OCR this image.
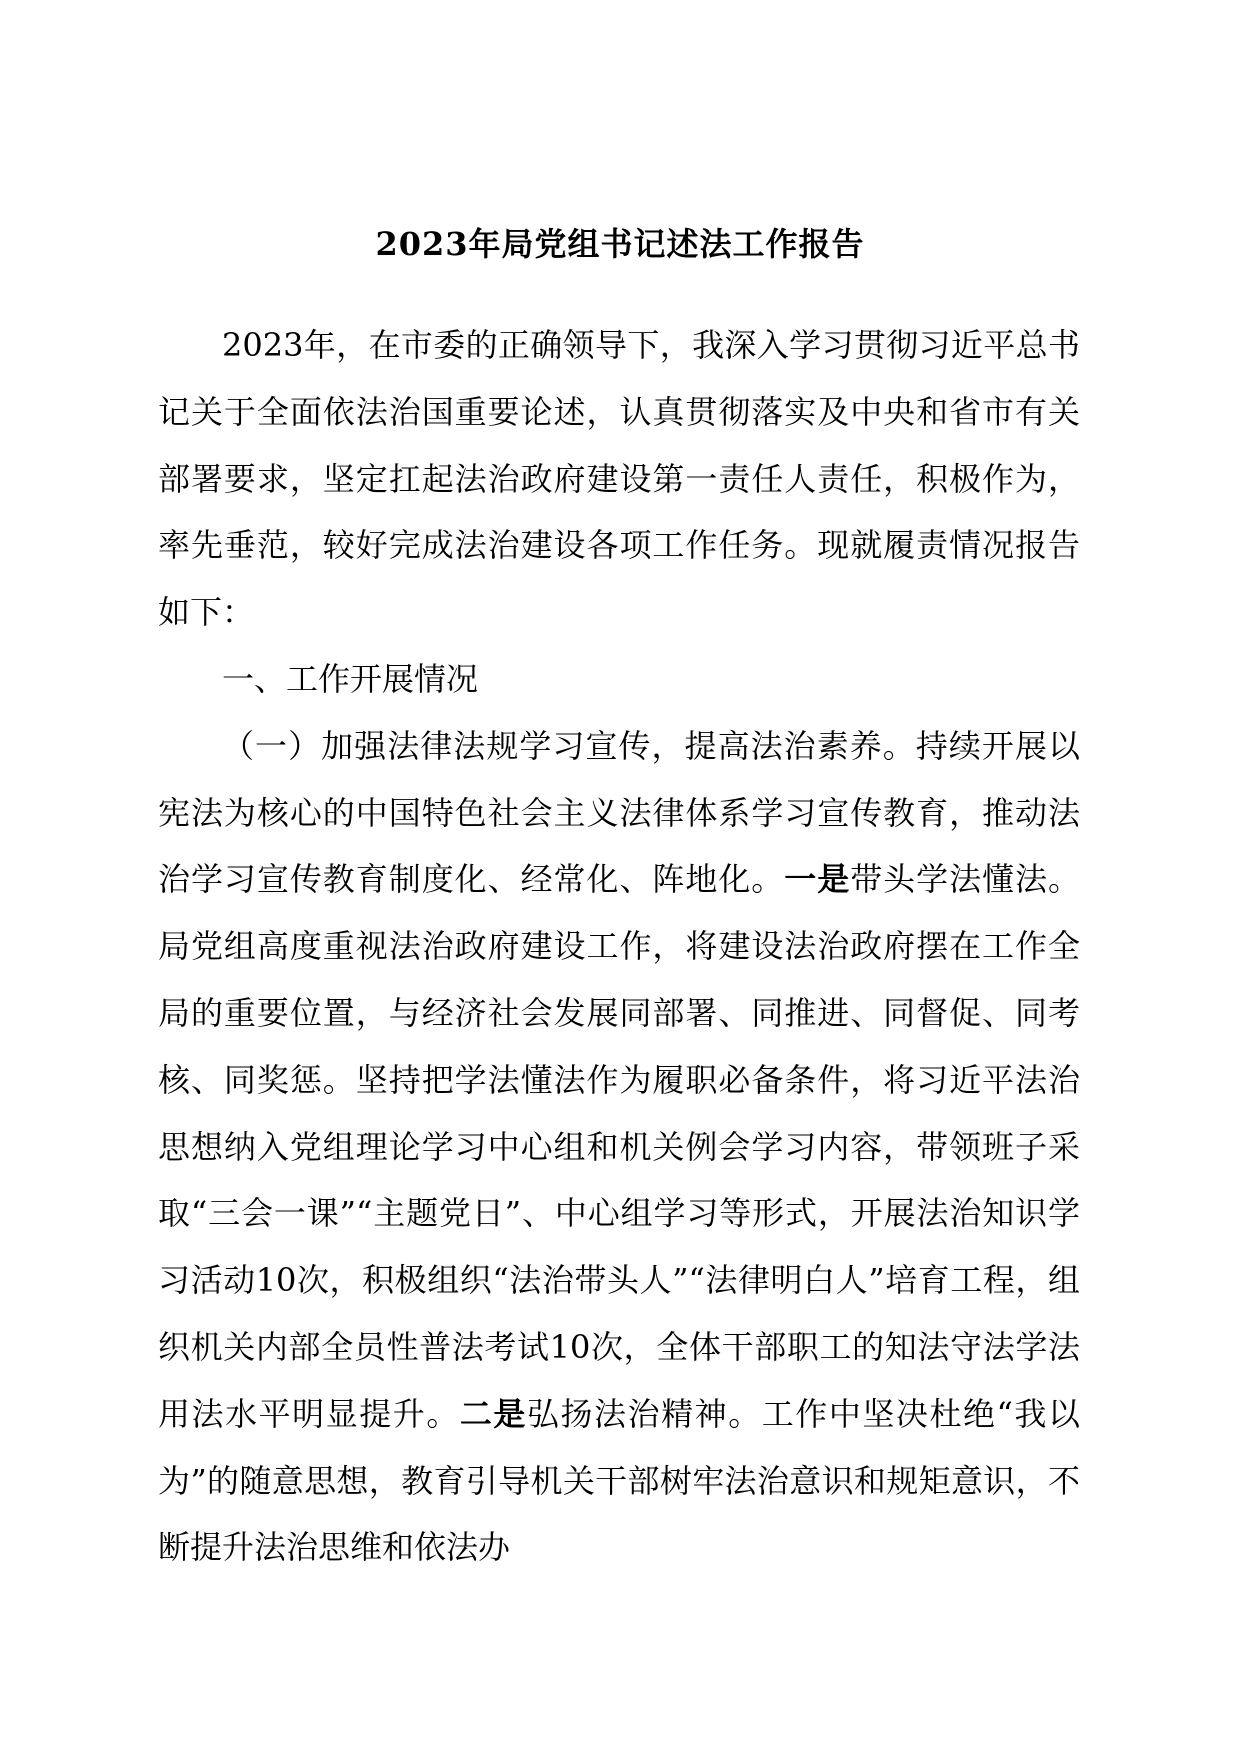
2023年局党组书记述法工作报告

2023年，在市委的正确领导下，我深入学习贯彻习近平总书记关于全面依法治国重要论述，认真贯彻落实及中央和省市有关部署要求，坚定扛起法治政府建设第一责任人责任，积极作为，率先垂范，较好完成法治建设各项工作任务。现就履责情况报告如下：

一、工作开展情况

（一）加强法律法规学习宣传，提高法治素养。持续开展以宪法为核心的中国特色社会主义法律体系学习宣传教育，推动法治学习宣传教育制度化、经常化、阵地化。一是带头学法懂法。局党组高度重视法治政府建设工作，将建设法治政府摆在工作全局的重要位置，与经济社会发展同部署、同推进、同督促、同考核、同奖惩。坚持把学法懂法作为履职必备条件，将习近平法治思想纳入党组理论学习中心组和机关例会学习内容，带领班子采取“三会一课”“主题党日”、中心组学习等形式，开展法治知识学习活动10次，积极组织“法治带头人”“法律明白人”培育工程，组织机关内部全员性普法考试10次，全体干部职工的知法守法学法用法水平明显提升。二是弘扬法治精神。工作中坚决杜绝“我以为”的随意思想，教育引导机关干部树牢法治意识和规矩意识，不断提升法治思维和依法办
